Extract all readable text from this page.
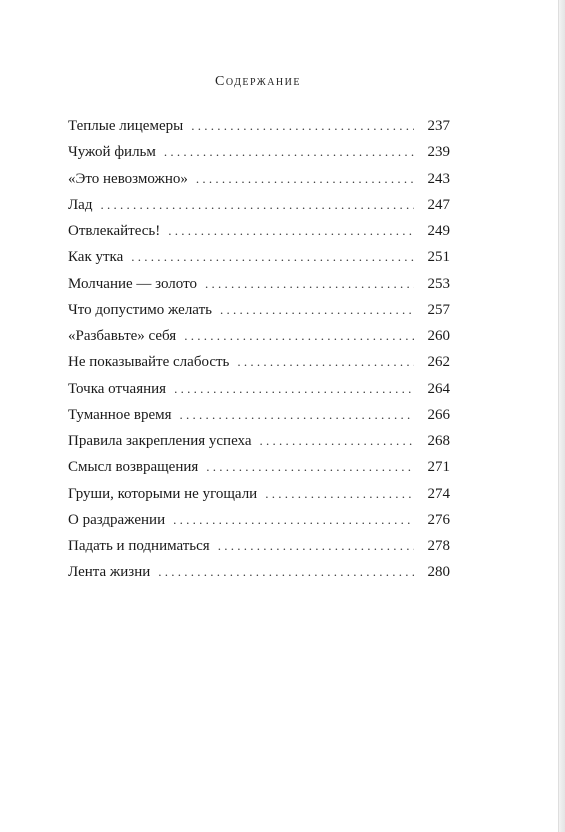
Содержание
Теплые лицемеры . . .	237
Чужой фильм . . .	239
«Это невозможно» . . .	243
Лад . . .	247
Отвлекайтесь! . . .	249
Как утка . . .	251
Молчание — золото . . .	253
Что допустимо желать . . .	257
«Разбавьте» себя . . .	260
Не показывайте слабость . . .	262
Точка отчаяния . . .	264
Туманное время . . .	266
Правила закрепления успеха . . .	268
Смысл возвращения . . .	271
Груши, которыми не угощали . . .	274
О раздражении . . .	276
Падать и подниматься . . .	278
Лента жизни . . .	280
